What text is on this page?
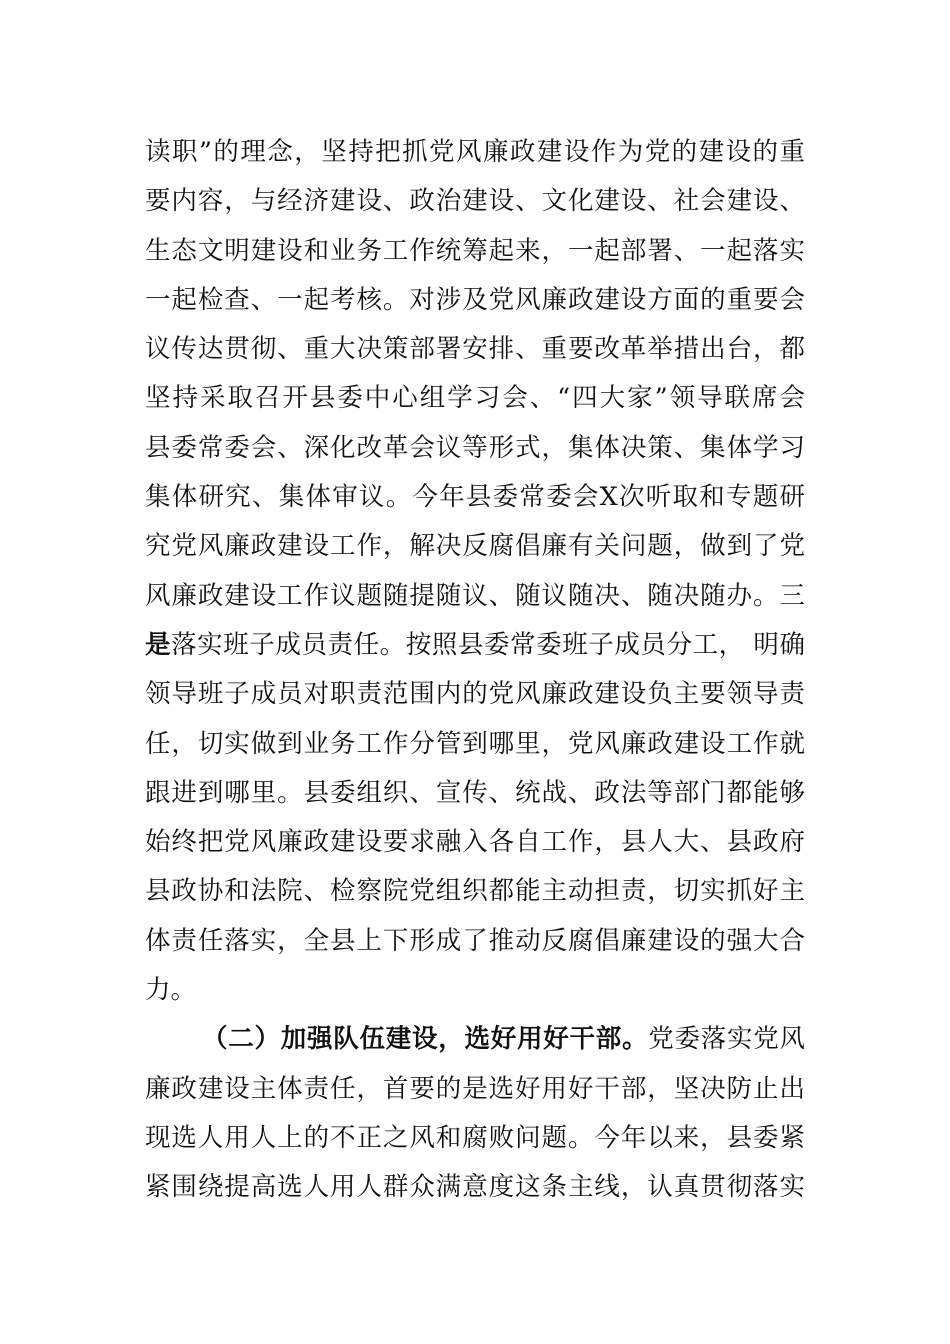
读职”的理念，坚持把抓党风廉政建设作为党的建设的重
要内容，与经济建设、政治建设、文化建设、社会建设、
生态文明建设和业务工作统筹起来，一起部署、一起落实
一起检查、一起考核。对涉及党风廉政建设方面的重要会
议传达贯彻、重大决策部署安排、重要改革举措出台，都
坚持采取召开县委中心组学习会、“四大家”领导联席会
县委常委会、深化改革会议等形式，集体决策、集体学习
集体研究、集体审议。今年县委常委会X次听取和专题研
究党风廉政建设工作，解决反腐倡廉有关问题，做到了党
风廉政建设工作议题随提随议、随议随决、随决随办。三
是落实班子成员责任。按照县委常委班子成员分工， 明确
领导班子成员对职责范围内的党风廉政建设负主要领导责
任，切实做到业务工作分管到哪里，党风廉政建设工作就
跟进到哪里。县委组织、宣传、统战、政法等部门都能够
始终把党风廉政建设要求融入各自工作，县人大、县政府
县政协和法院、检察院党组织都能主动担责，切实抓好主
体责任落实，全县上下形成了推动反腐倡廉建设的强大合
力。
（二）加强队伍建设，选好用好干部。党委落实党风
廉政建设主体责任，首要的是选好用好干部，坚决防止出
现选人用人上的不正之风和腐败问题。今年以来，县委紧
紧围绕提高选人用人群众满意度这条主线，认真贯彻落实
